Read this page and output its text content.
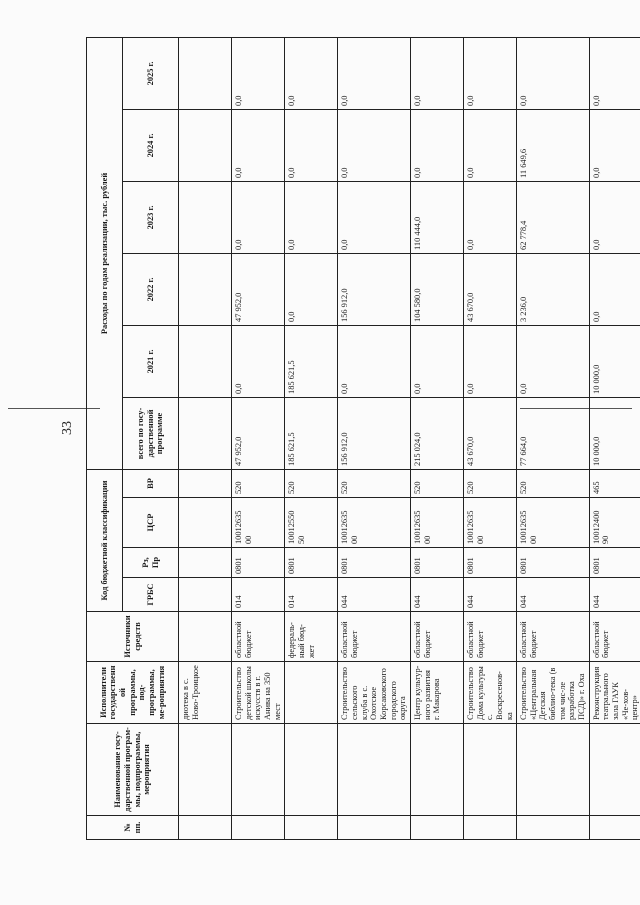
33
№ пп.	Наименование госу-дарственной програм-мы, подпрограммы, мероприятия	Исполнители государственной программы, под-программы, ме-роприятия	Источники средств	Код бюджетной классификации				Расходы по годам реализации, тыс. рублей					
				ГРБС	Рз, Пр	ЦСР	ВР	всего по госу-дарственной программе	2021 г.	2022 г.	2023 г.	2024 г.	2025 г.
		диотека в с. Ново-Троицкое											
		Строительство детской школы искусств в г. Анива на 350 мест	областной бюджет	014	0801	10012635 00	520	47 952,0	0,0	47 952,0	0,0	0,0	0,0
			федераль-ный бюд-жет	014	0801	10012550 50	520	185 621,5	185 621,5	0,0	0,0	0,0	0,0
		Строительство сельского клуба в с. Охотское Корсаковского городского округа	областной бюджет	044	0801	10012635 00	520	156 912,0	0,0	156 912,0	0,0	0,0	0,0
		Центр культур-ного развития г. Макарова	областной бюджет	044	0801	10012635 00	520	215 024,0	0,0	104 580,0	110 444,0	0,0	0,0
		Строительство Дома культуры с. Воскресенов-ка	областной бюджет	044	0801	10012635 00	520	43 670,0	0,0	43 670,0	0,0	0,0	0,0
		Строительство «Центральная Детская библио-тека (в том чис-ле разработка ПСД)» г. Оха	областной бюджет	044	0801	10012635 00	520	77 664,0	0,0	3 236,0	62 778,4	11 649,6	0,0
		Реконструкция театрального зала ГАУК «Че-хов-центр»	областной бюджет	044	0801	10012400 90	465	10 000,0	10 000,0	0,0	0,0	0,0	0,0
